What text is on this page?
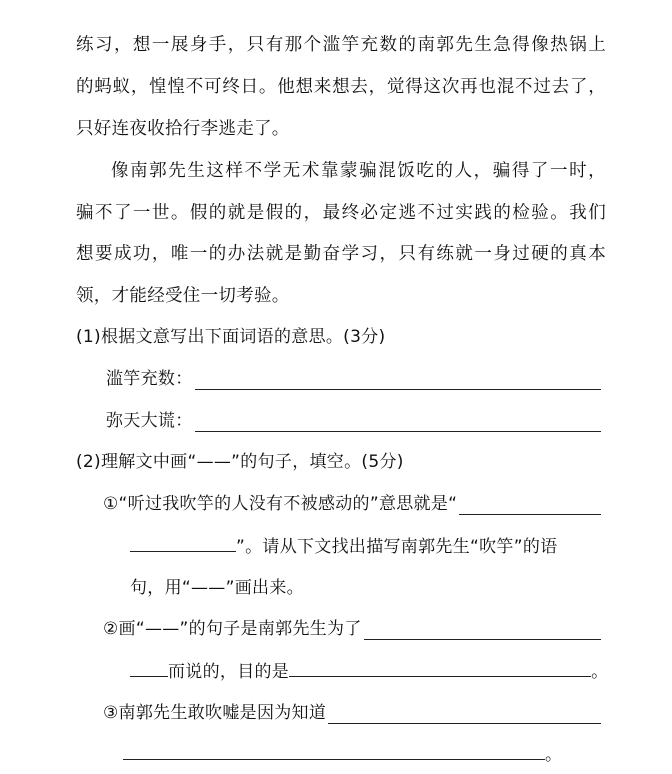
练习，想一展身手，只有那个滥竽充数的南郭先生急得像热锅上
的蚂蚁，惶惶不可终日。他想来想去，觉得这次再也混不过去了，
只好连夜收拾行李逃走了。
像南郭先生这样不学无术靠蒙骗混饭吃的人，骗得了一时，
骗不了一世。假的就是假的，最终必定逃不过实践的检验。我们
想要成功，唯一的办法就是勤奋学习，只有练就一身过硬的真本
领，才能经受住一切考验。
(1)根据文意写出下面词语的意思。(3分)
滥竽充数：
弥天大谎：
(2)理解文中画“——”的句子，填空。(5分)
①“听过我吹竽的人没有不被感动的”意思就是“
”。请从下文找出描写南郭先生“吹竽”的语
句，用“——”画出来。
②画“——”的句子是南郭先生为了
而说的，目的是	。
③南郭先生敢吹嘘是因为知道
。
